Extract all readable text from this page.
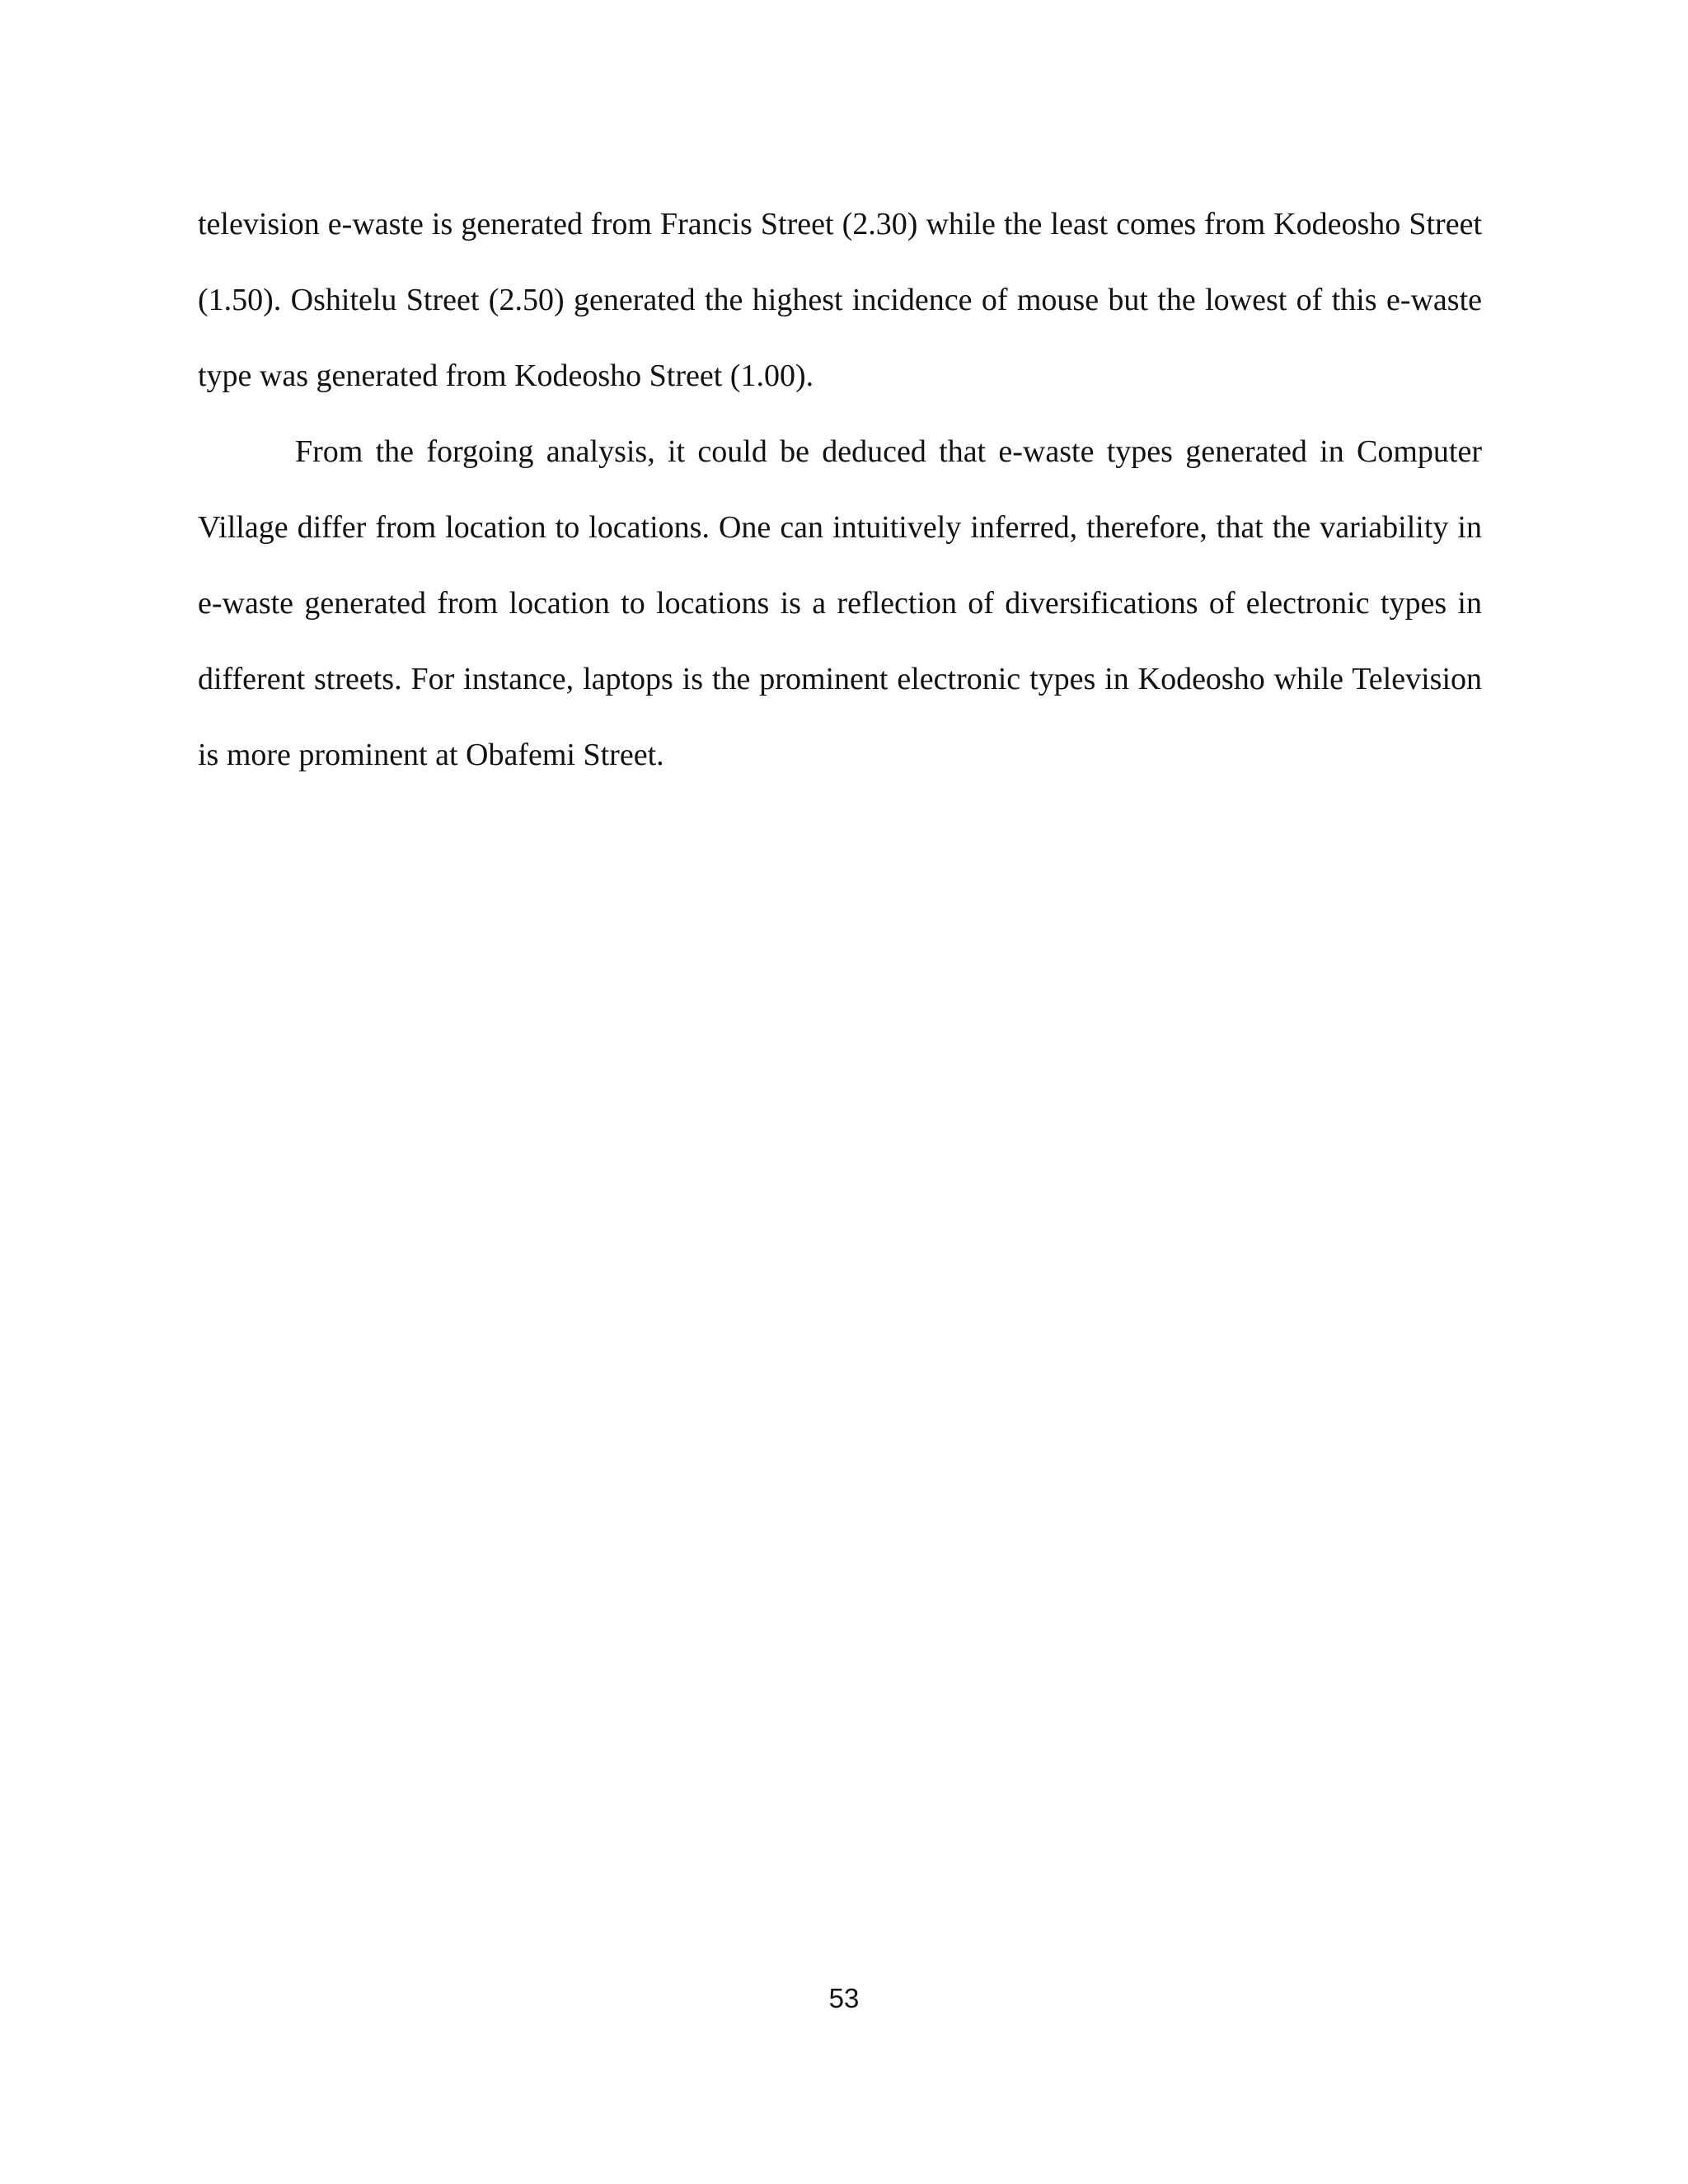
television e-waste is generated from Francis Street (2.30) while the least comes from Kodeosho Street (1.50). Oshitelu Street (2.50) generated the highest incidence of mouse but the lowest of this e-waste type was generated from Kodeosho Street (1.00).

From the forgoing analysis, it could be deduced that e-waste types generated in Computer Village differ from location to locations. One can intuitively inferred, therefore, that the variability in e-waste generated from location to locations is a reflection of diversifications of electronic types in different streets. For instance, laptops is the prominent electronic types in Kodeosho while Television is more prominent at Obafemi Street.

53
